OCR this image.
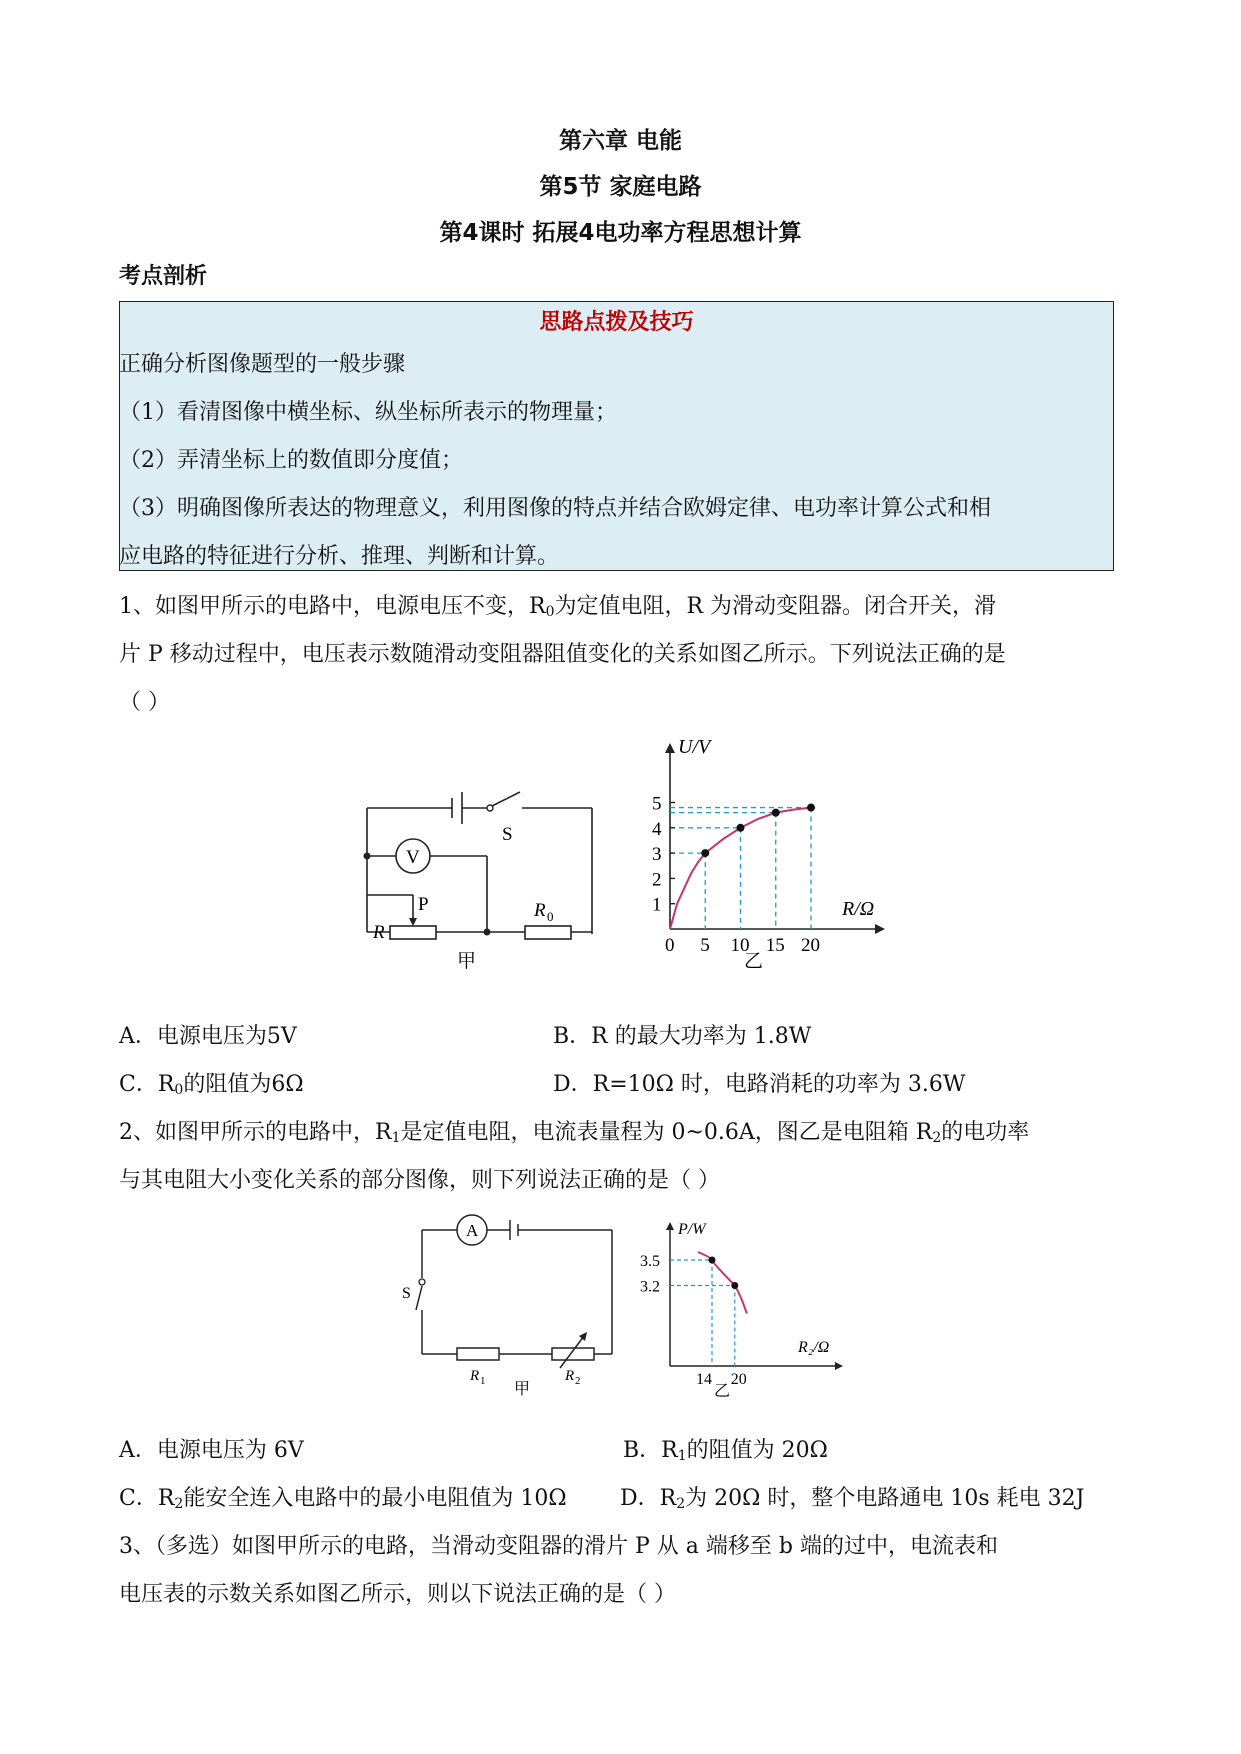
第六章 电能
第5节 家庭电路
第4课时 拓展4电功率方程思想计算
考点剖析
思路点拨及技巧
正确分析图像题型的一般步骤
（1）看清图像中横坐标、纵坐标所表示的物理量；
（2）弄清坐标上的数值即分度值；
（3）明确图像所表达的物理意义，利用图像的特点并结合欧姆定律、电功率计算公式和相
应电路的特征进行分析、推理、判断和计算。
1、如图甲所示的电路中，电源电压不变，$R_0$为定值电阻，R 为滑动变阻器。闭合开关，滑
片 P 移动过程中，电压表示数随滑动变阻器阻值变化的关系如图乙所示。下列说法正确的是
（ ）
V
S
P
R
R 0
甲
0 5 10 15 20
1
2
3
4
5
U/V
R/Ω
乙
A．电源电压为5V	B．R 的最大功率为 1.8W
C．$R_0$的阻值为6Ω	D．R=10Ω 时，电路消耗的功率为 3.6W
2、如图甲所示的电路中，$R_1$是定值电阻，电流表量程为 0~0.6A，图乙是电阻箱 $R_2$的电功率
与其电阻大小变化关系的部分图像，则下列说法正确的是（ ）
A
S
R 1	R 2
甲
14 20
3.2
3.5
P/W
R₂/Ω
乙
A．电源电压为 6V	B．$R_1$的阻值为 20Ω
C．$R_2$能安全连入电路中的最小电阻值为 10Ω D．$R_2$为 20Ω 时，整个电路通电 10s 耗电 32J
3、（多选）如图甲所示的电路，当滑动变阻器的滑片 P 从 a 端移至 b 端的过中，电流表和
电压表的示数关系如图乙所示，则以下说法正确的是（ ）
